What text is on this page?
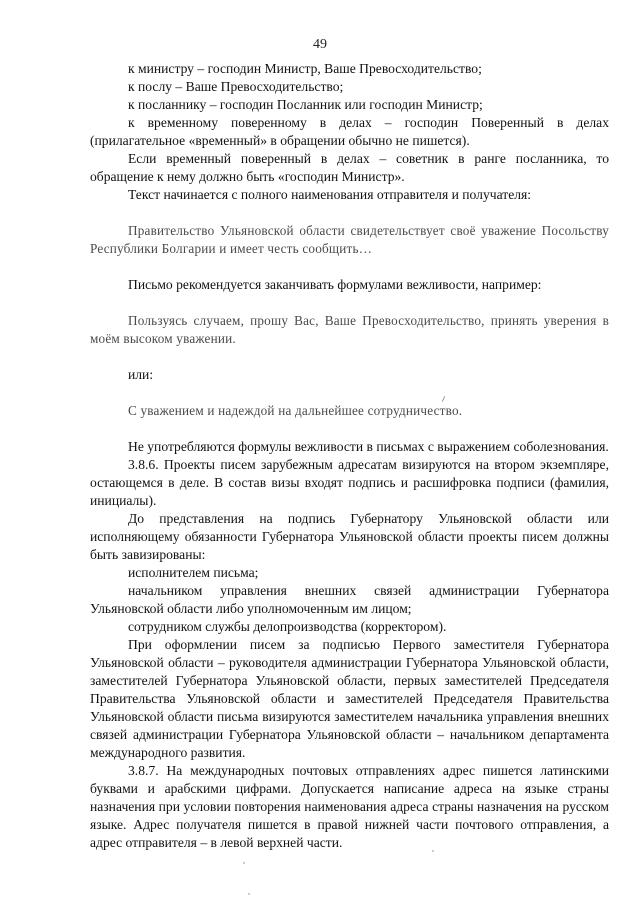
49

к министру – господин Министр, Ваше Превосходительство;

к послу – Ваше Превосходительство;

к посланнику – господин Посланник или господин Министр;

к временному поверенному в делах – господин Поверенный в делах (прилагательное «временный» в обращении обычно не пишется).

Если временный поверенный в делах – советник в ранге посланника, то обращение к нему должно быть «господин Министр».

Текст начинается с полного наименования отправителя и получателя:

Правительство Ульяновской области свидетельствует своё уважение Посольству Республики Болгарии и имеет честь сообщить…

Письмо рекомендуется заканчивать формулами вежливости, например:

Пользуясь случаем, прошу Вас, Ваше Превосходительство, принять уверения в моём высоком уважении.

или:

С уважением и надеждой на дальнейшее сотрудничество.

Не употребляются формулы вежливости в письмах с выражением соболезнования.

3.8.6. Проекты писем зарубежным адресатам визируются на втором экземпляре, остающемся в деле. В состав визы входят подпись и расшифровка подписи (фамилия, инициалы).

До представления на подпись Губернатору Ульяновской области или исполняющему обязанности Губернатора Ульяновской области проекты писем должны быть завизированы:

исполнителем письма;

начальником управления внешних связей администрации Губернатора Ульяновской области либо уполномоченным им лицом;

сотрудником службы делопроизводства (корректором).

При оформлении писем за подписью Первого заместителя Губернатора Ульяновской области – руководителя администрации Губернатора Ульяновской области, заместителей Губернатора Ульяновской области, первых заместителей Председателя Правительства Ульяновской области и заместителей Председателя Правительства Ульяновской области письма визируются заместителем начальника управления внешних связей администрации Губернатора Ульяновской области – начальником департамента международного развития.

3.8.7. На международных почтовых отправлениях адрес пишется латинскими буквами и арабскими цифрами. Допускается написание адреса на языке страны назначения при условии повторения наименования адреса страны назначения на русском языке. Адрес получателя пишется в правой нижней части почтового отправления, а адрес отправителя – в левой верхней части.
